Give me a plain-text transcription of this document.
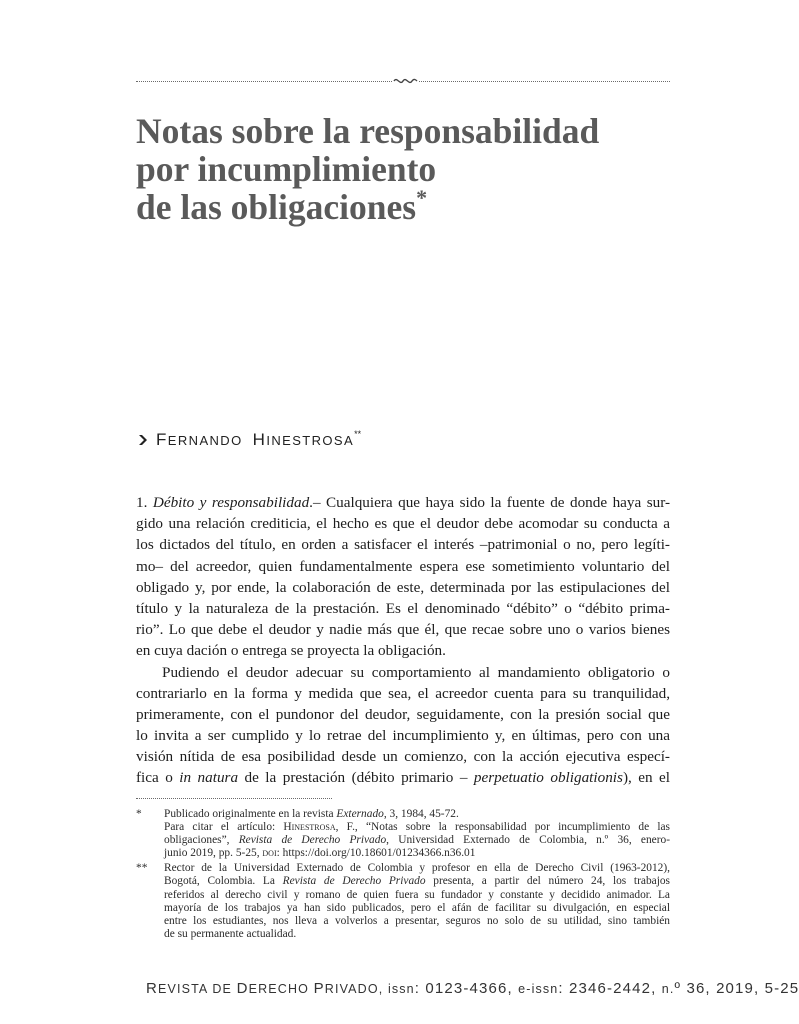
Notas sobre la responsabilidad
por incumplimiento
de las obligaciones*
FERNANDO HINESTROSA**
1. Débito y responsabilidad.– Cualquiera que haya sido la fuente de donde haya sur-
gido una relación crediticia, el hecho es que el deudor debe acomodar su conducta a
los dictados del título, en orden a satisfacer el interés –patrimonial o no, pero legíti-
mo– del acreedor, quien fundamentalmente espera ese sometimiento voluntario del
obligado y, por ende, la colaboración de este, determinada por las estipulaciones del
título y la naturaleza de la prestación. Es el denominado “débito” o “débito prima-
rio”. Lo que debe el deudor y nadie más que él, que recae sobre uno o varios bienes
en cuya dación o entrega se proyecta la obligación.
Pudiendo el deudor adecuar su comportamiento al mandamiento obligatorio o
contrariarlo en la forma y medida que sea, el acreedor cuenta para su tranquilidad,
primeramente, con el pundonor del deudor, seguidamente, con la presión social que
lo invita a ser cumplido y lo retrae del incumplimiento y, en últimas, pero con una
visión nítida de esa posibilidad desde un comienzo, con la acción ejecutiva especí-
fica o in natura de la prestación (débito primario – perpetuatio obligationis), en el
* Publicado originalmente en la revista Externado, 3, 1984, 45-72.
Para citar el artículo: Hinestrosa, F., “Notas sobre la responsabilidad por incumplimiento de las
obligaciones”, Revista de Derecho Privado, Universidad Externado de Colombia, n.º 36, enero-
junio 2019, pp. 5-25, doi: https://doi.org/10.18601/01234366.n36.01
** Rector de la Universidad Externado de Colombia y profesor en ella de Derecho Civil (1963-2012),
Bogotá, Colombia. La Revista de Derecho Privado presenta, a partir del número 24, los trabajos
referidos al derecho civil y romano de quien fuera su fundador y constante y decidido animador. La
mayoría de los trabajos ya han sido publicados, pero el afán de facilitar su divulgación, en especial
entre los estudiantes, nos lleva a volverlos a presentar, seguros no solo de su utilidad, sino también
de su permanente actualidad.
REVISTA DE DERECHO PRIVADO, issn: 0123-4366, e-issn: 2346-2442, n.º 36, 2019, 5-25
